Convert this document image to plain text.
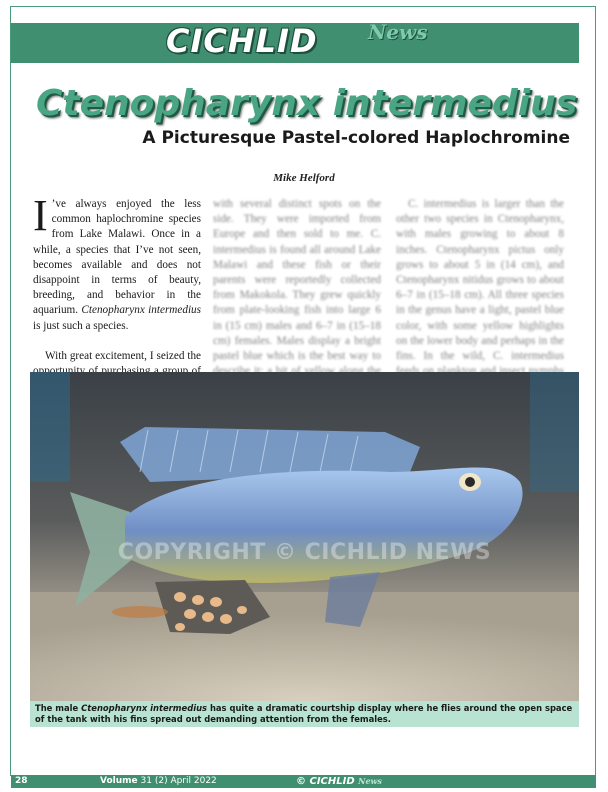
CICHLID	News
Ctenopharynx intermedius
A Picturesque Pastel-colored Haplochromine
Mike Helford

I ’ve always enjoyed the less common haplochromine species from Lake Malawi. Once in a while, a species that I’ve not seen, becomes available and does not disappoint in terms of beauty, breeding, and behavior in the aquarium. Ctenopharynx intermedius is just such a species.

With great excitement, I seized the

with several distinct spots on the side. They were imported from Europe and then sold to me. C. intermedius is found all around Lake Malawi and these fish or their parents were reportedly collected from Makokola. They grew quickly from plate-looking fish into large 6 in (15 cm) males and 6–7 in (15–18 cm) females. Males display a bright pastel blue which is the best way to

C. intermedius is larger than the other two species in Ctenopharynx, with males growing to about 8 inches. Ctenopharynx pictus only grows to about 5 in (14 cm), and Ctenopharynx nitidus grows to about 6–7 in (15–18 cm). All three species in the genus have a light, pastel blue color, with some yellow highlights on the lower body and perhaps in the fins. In the wild, C. intermedius

COPYRIGHT © CICHLID NEWS
The male Ctenopharynx intermedius has quite a dramatic courtship display where he flies around the open space of the tank with his fins spread out demanding attention from the females.
28	Volume 31 (2) April 2022	© CICHLID News
